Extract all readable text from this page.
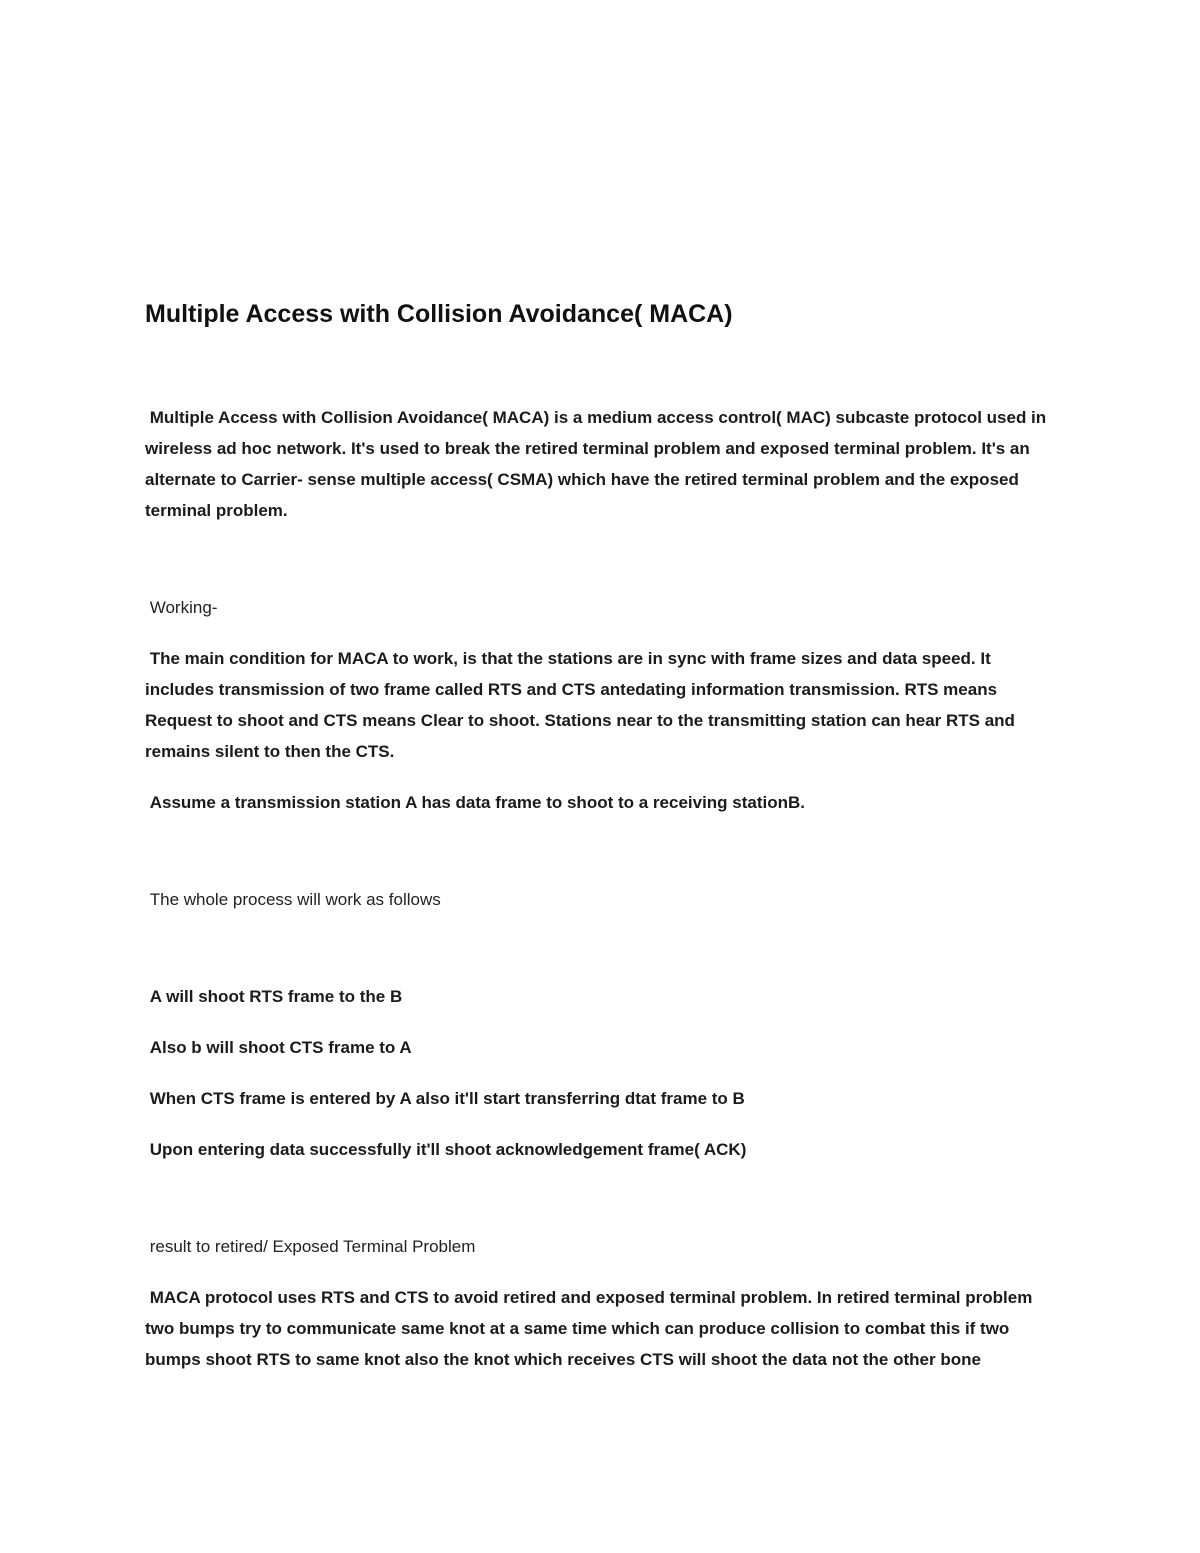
Multiple Access with Collision Avoidance( MACA)

Multiple Access with Collision Avoidance( MACA) is a medium access control( MAC) subcaste protocol used in wireless ad hoc network. It's used to break the retired terminal problem and exposed terminal problem. It's an alternate to Carrier- sense multiple access( CSMA) which have the retired terminal problem and the exposed terminal problem.

Working-

The main condition for MACA to work, is that the stations are in sync with frame sizes and data speed. It includes transmission of two frame called RTS and CTS antedating information transmission. RTS means Request to shoot and CTS means Clear to shoot. Stations near to the transmitting station can hear RTS and remains silent to then the CTS.

Assume a transmission station A has data frame to shoot to a receiving stationB.

The whole process will work as follows

A will shoot RTS frame to the B

Also b will shoot CTS frame to A

When CTS frame is entered by A also it'll start transferring dtat frame to B

Upon entering data successfully it'll shoot acknowledgement frame( ACK)

result to retired/ Exposed Terminal Problem

MACA protocol uses RTS and CTS to avoid retired and exposed terminal problem. In retired terminal problem two bumps try to communicate same knot at a same time which can produce collision to combat this if two bumps shoot RTS to same knot also the knot which receives CTS will shoot the data not the other bone
